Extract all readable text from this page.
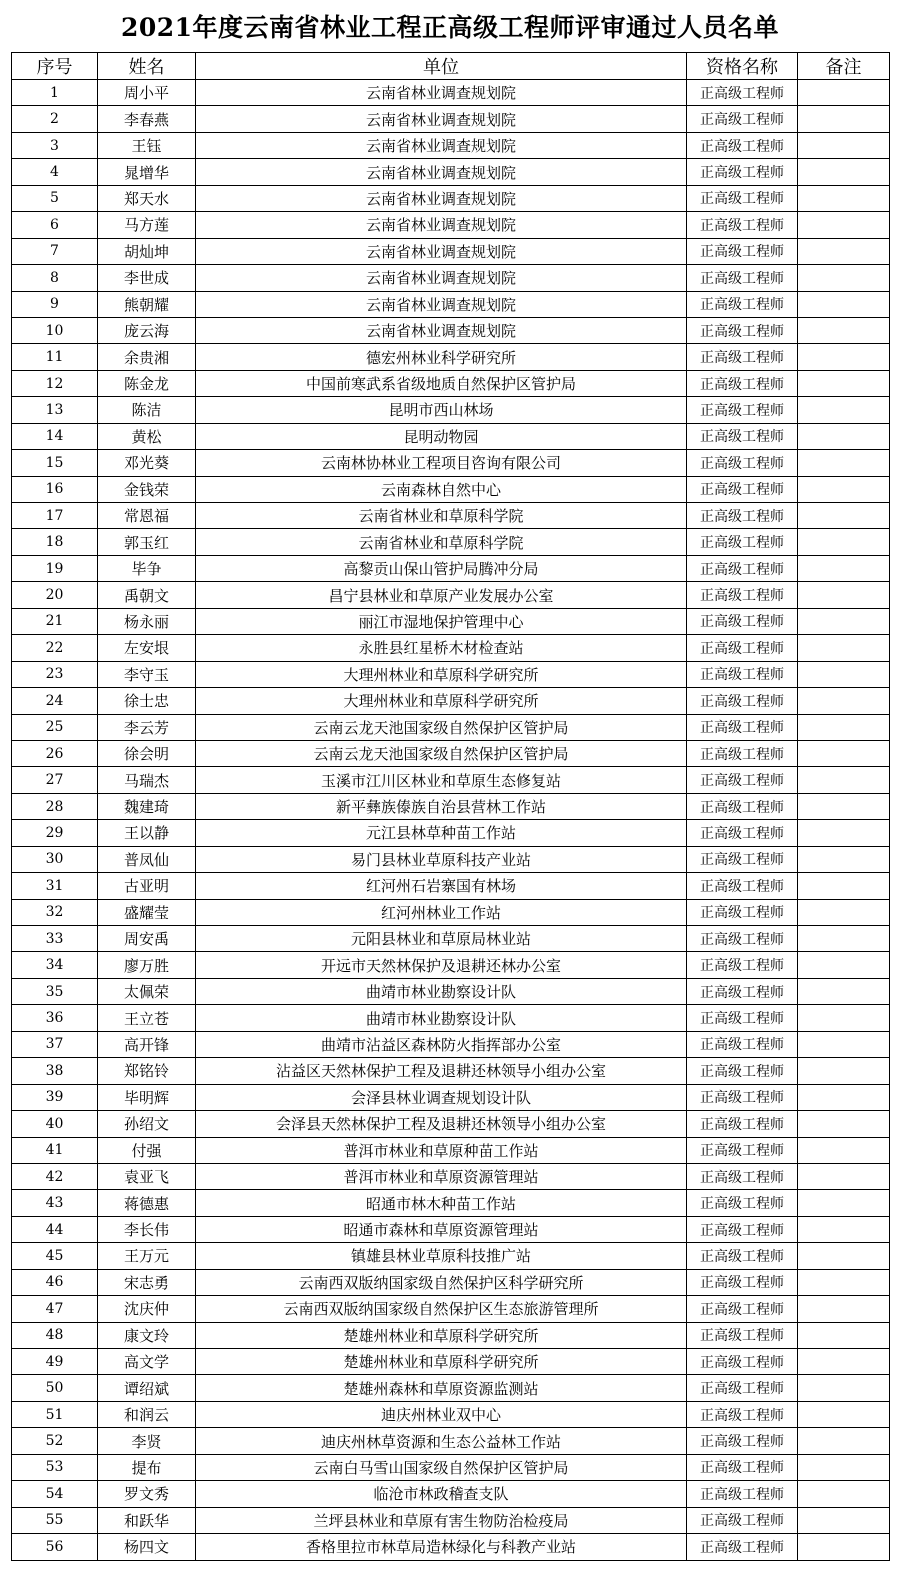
2021年度云南省林业工程正高级工程师评审通过人员名单
序号	姓名	单位	资格名称	备注
1	周小平	云南省林业调查规划院	正高级工程师	
2	李春燕	云南省林业调查规划院	正高级工程师	
3	王钰	云南省林业调查规划院	正高级工程师	
4	晁增华	云南省林业调查规划院	正高级工程师	
5	郑天水	云南省林业调查规划院	正高级工程师	
6	马方莲	云南省林业调查规划院	正高级工程师	
7	胡灿坤	云南省林业调查规划院	正高级工程师	
8	李世成	云南省林业调查规划院	正高级工程师	
9	熊朝耀	云南省林业调查规划院	正高级工程师	
10	庞云海	云南省林业调查规划院	正高级工程师	
11	余贵湘	德宏州林业科学研究所	正高级工程师	
12	陈金龙	中国前寒武系省级地质自然保护区管护局	正高级工程师	
13	陈洁	昆明市西山林场	正高级工程师	
14	黄松	昆明动物园	正高级工程师	
15	邓光葵	云南林协林业工程项目咨询有限公司	正高级工程师	
16	金钱荣	云南森林自然中心	正高级工程师	
17	常恩福	云南省林业和草原科学院	正高级工程师	
18	郭玉红	云南省林业和草原科学院	正高级工程师	
19	毕争	高黎贡山保山管护局腾冲分局	正高级工程师	
20	禹朝文	昌宁县林业和草原产业发展办公室	正高级工程师	
21	杨永丽	丽江市湿地保护管理中心	正高级工程师	
22	左安垠	永胜县红星桥木材检查站	正高级工程师	
23	李守玉	大理州林业和草原科学研究所	正高级工程师	
24	徐士忠	大理州林业和草原科学研究所	正高级工程师	
25	李云芳	云南云龙天池国家级自然保护区管护局	正高级工程师	
26	徐会明	云南云龙天池国家级自然保护区管护局	正高级工程师	
27	马瑞杰	玉溪市江川区林业和草原生态修复站	正高级工程师	
28	魏建琦	新平彝族傣族自治县营林工作站	正高级工程师	
29	王以静	元江县林草种苗工作站	正高级工程师	
30	普凤仙	易门县林业草原科技产业站	正高级工程师	
31	古亚明	红河州石岩寨国有林场	正高级工程师	
32	盛耀莹	红河州林业工作站	正高级工程师	
33	周安禹	元阳县林业和草原局林业站	正高级工程师	
34	廖万胜	开远市天然林保护及退耕还林办公室	正高级工程师	
35	太佩荣	曲靖市林业勘察设计队	正高级工程师	
36	王立苍	曲靖市林业勘察设计队	正高级工程师	
37	高开锋	曲靖市沾益区森林防火指挥部办公室	正高级工程师	
38	郑铭铃	沾益区天然林保护工程及退耕还林领导小组办公室	正高级工程师	
39	毕明辉	会泽县林业调查规划设计队	正高级工程师	
40	孙绍文	会泽县天然林保护工程及退耕还林领导小组办公室	正高级工程师	
41	付强	普洱市林业和草原种苗工作站	正高级工程师	
42	袁亚飞	普洱市林业和草原资源管理站	正高级工程师	
43	蒋德惠	昭通市林木种苗工作站	正高级工程师	
44	李长伟	昭通市森林和草原资源管理站	正高级工程师	
45	王万元	镇雄县林业草原科技推广站	正高级工程师	
46	宋志勇	云南西双版纳国家级自然保护区科学研究所	正高级工程师	
47	沈庆仲	云南西双版纳国家级自然保护区生态旅游管理所	正高级工程师	
48	康文玲	楚雄州林业和草原科学研究所	正高级工程师	
49	高文学	楚雄州林业和草原科学研究所	正高级工程师	
50	谭绍斌	楚雄州森林和草原资源监测站	正高级工程师	
51	和润云	迪庆州林业双中心	正高级工程师	
52	李贤	迪庆州林草资源和生态公益林工作站	正高级工程师	
53	提布	云南白马雪山国家级自然保护区管护局	正高级工程师	
54	罗文秀	临沧市林政稽查支队	正高级工程师	
55	和跃华	兰坪县林业和草原有害生物防治检疫局	正高级工程师	
56	杨四文	香格里拉市林草局造林绿化与科教产业站	正高级工程师	
